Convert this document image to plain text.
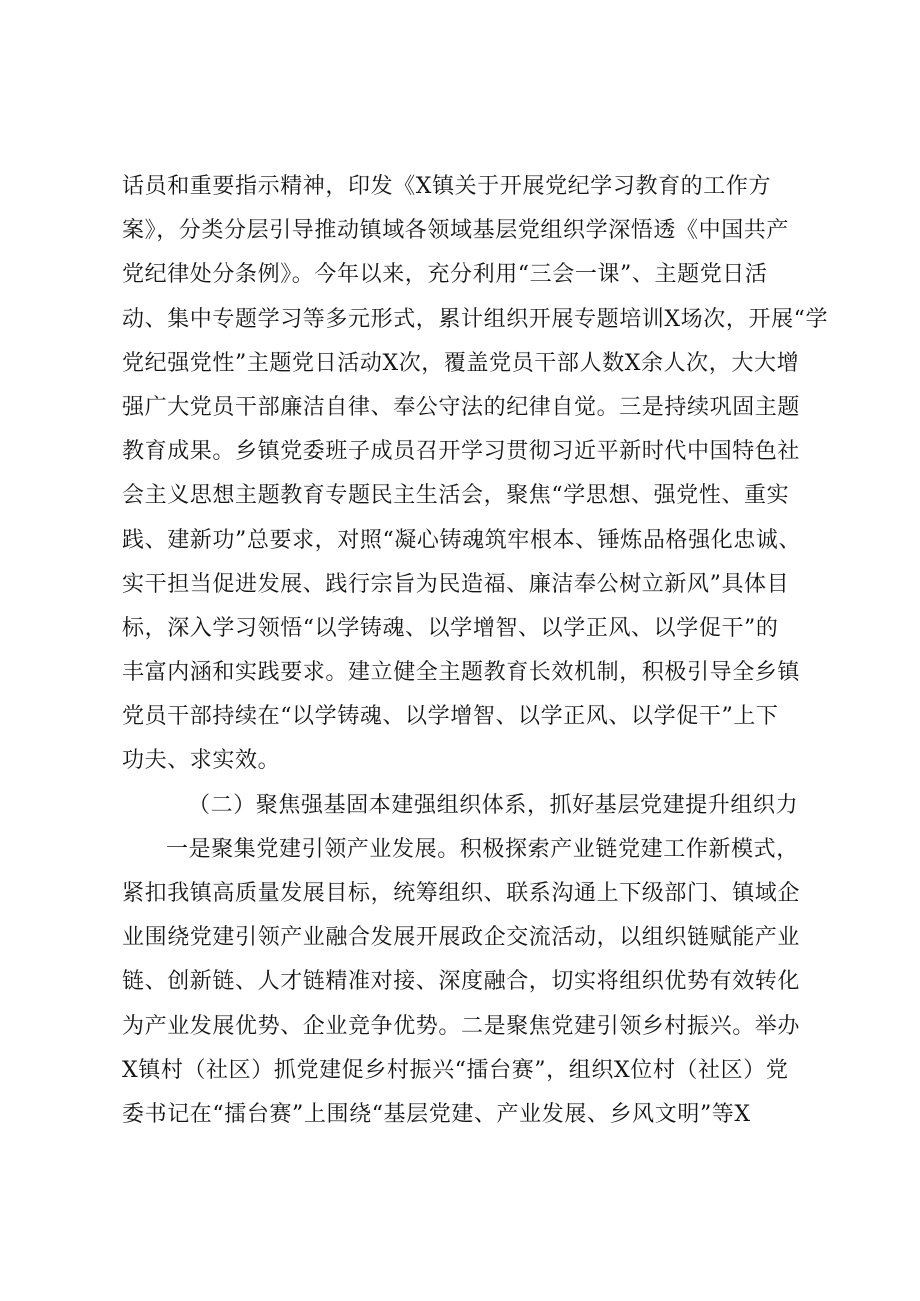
话员和重要指示精神，印发《X镇关于开展党纪学习教育的工作方
案》，分类分层引导推动镇域各领域基层党组织学深悟透《中国共产
党纪律处分条例》。今年以来，充分利用“三会一课”、主题党日活
动、集中专题学习等多元形式，累计组织开展专题培训X场次，开展“学
党纪强党性”主题党日活动X次，覆盖党员干部人数X余人次，大大增
强广大党员干部廉洁自律、奉公守法的纪律自觉。三是持续巩固主题
教育成果。乡镇党委班子成员召开学习贯彻习近平新时代中国特色社
会主义思想主题教育专题民主生活会，聚焦“学思想、强党性、重实
践、建新功”总要求，对照“凝心铸魂筑牢根本、锤炼品格强化忠诚、
实干担当促进发展、践行宗旨为民造福、廉洁奉公树立新风”具体目
标，深入学习领悟“以学铸魂、以学增智、以学正风、以学促干”的
丰富内涵和实践要求。建立健全主题教育长效机制，积极引导全乡镇
党员干部持续在“以学铸魂、以学增智、以学正风、以学促干”上下
功夫、求实效。
（二）聚焦强基固本建强组织体系，抓好基层党建提升组织力
一是聚集党建引领产业发展。积极探索产业链党建工作新模式，
紧扣我镇高质量发展目标，统筹组织、联系沟通上下级部门、镇域企
业围绕党建引领产业融合发展开展政企交流活动，以组织链赋能产业
链、创新链、人才链精准对接、深度融合，切实将组织优势有效转化
为产业发展优势、企业竞争优势。二是聚焦党建引领乡村振兴。举办
X镇村（社区）抓党建促乡村振兴“擂台赛”，组织X位村（社区）党
委书记在“擂台赛”上围绕“基层党建、产业发展、乡风文明”等X
